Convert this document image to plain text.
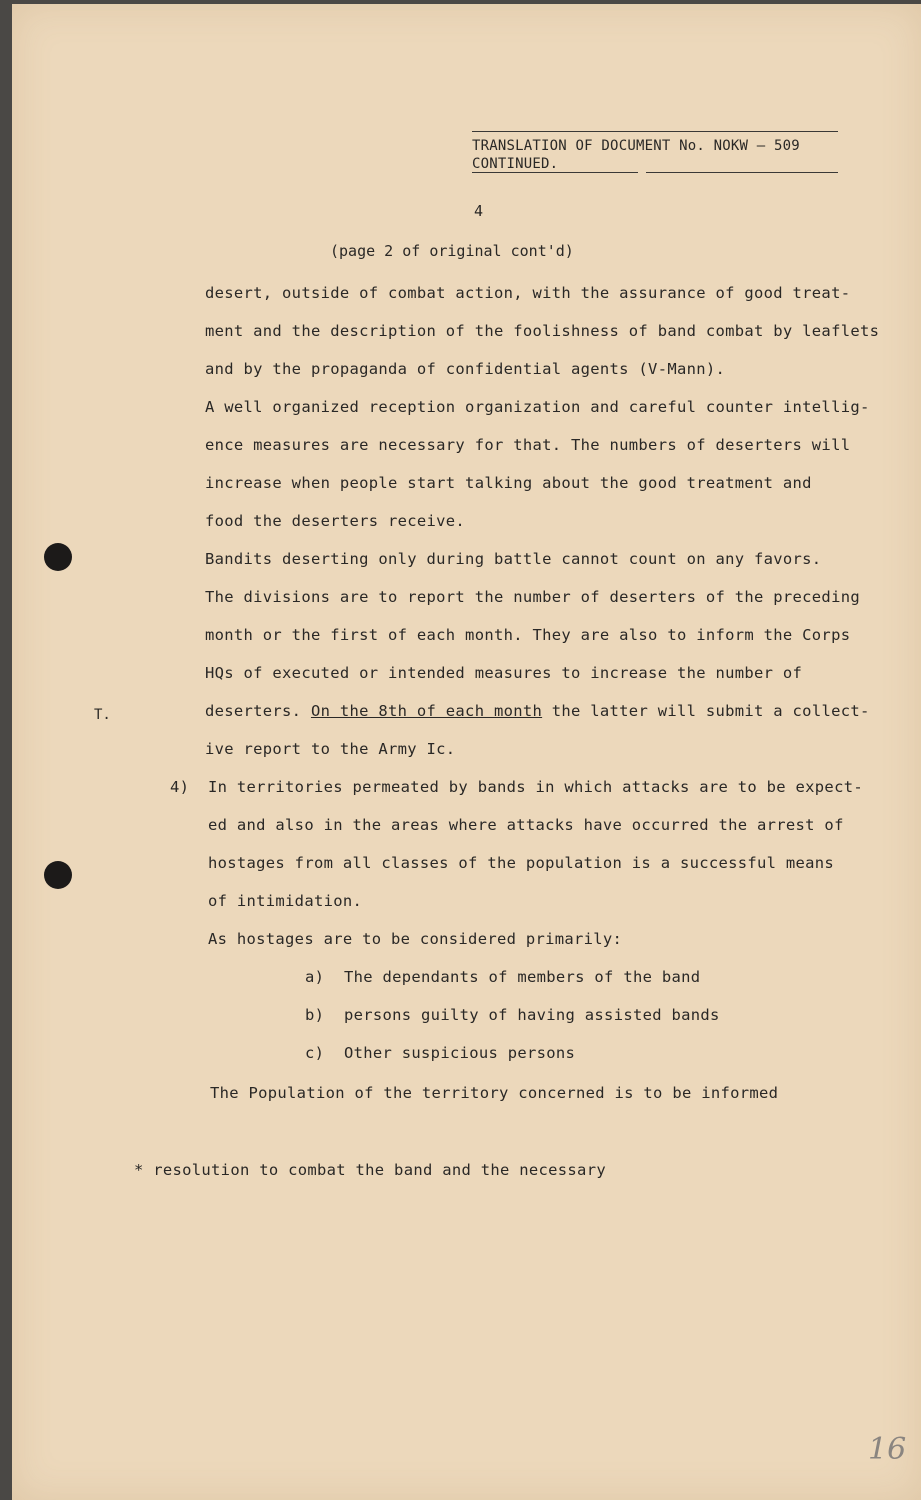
TRANSLATION OF DOCUMENT No. NOKW – 509
CONTINUED.
4
(page 2 of original cont'd)
desert, outside of combat action, with the assurance of good treat-
ment and the description of the foolishness of band combat by leaflets
and by the propaganda of confidential agents (V-Mann).
A well organized reception organization and careful counter intellig-
ence measures are necessary for that. The numbers of deserters will
increase when people start talking about the good treatment and
food the deserters receive.
Bandits deserting only during battle cannot count on any favors.
The divisions are to report the number of deserters of the preceding
month or the first of each month. They are also to inform the Corps
HQs of executed or intended measures to increase the number of
deserters. On the 8th of each month the latter will submit a collect-
ive report to the Army Ic.
4) In territories permeated by bands in which attacks are to be expect-
ed and also in the areas where attacks have occurred the arrest of
hostages from all classes of the population is a successful means
of intimidation.
As hostages are to be considered primarily:
a) The dependants of members of the band
b) persons guilty of having assisted bands
c) Other suspicious persons
The Population of the territory concerned is to be informed
* resolution to combat the band and the necessary
T.
16
